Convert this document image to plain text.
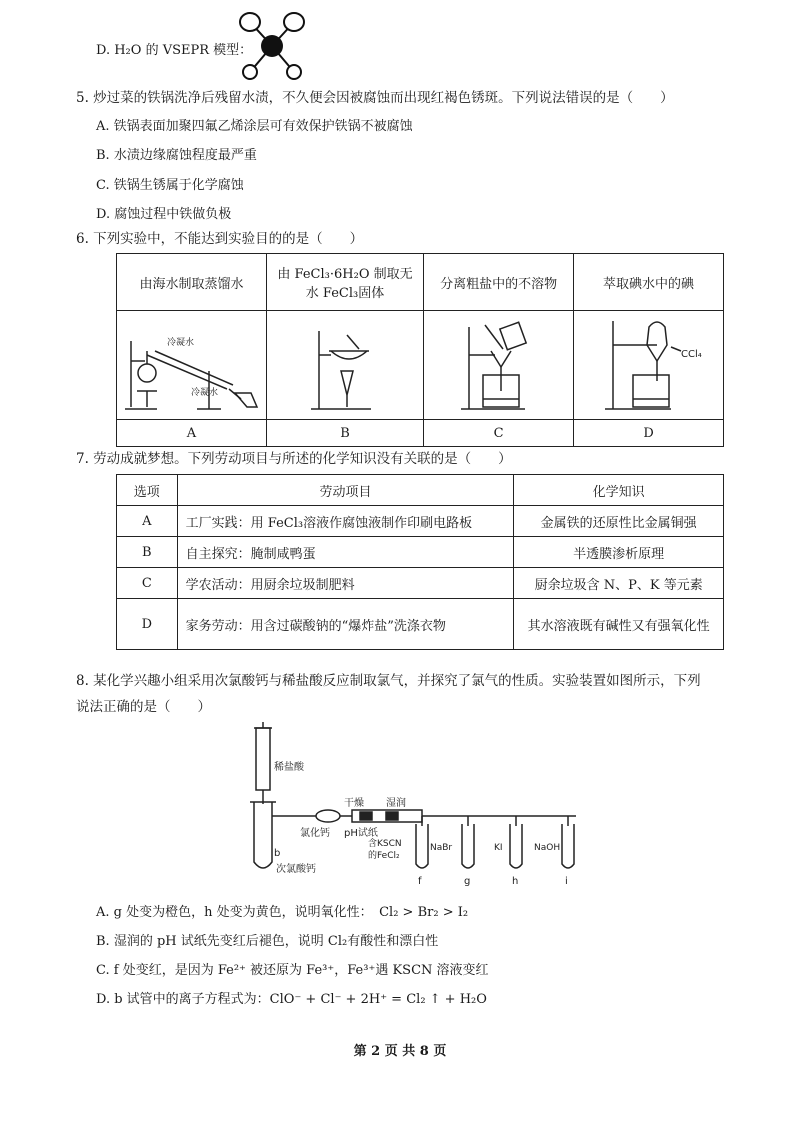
D. H₂O 的 VSEPR 模型：
5. 炒过菜的铁锅洗净后残留水渍，不久便会因被腐蚀而出现红褐色锈斑。下列说法错误的是（　　）
A. 铁锅表面加聚四氟乙烯涂层可有效保护铁锅不被腐蚀
B. 水渍边缘腐蚀程度最严重
C. 铁锅生锈属于化学腐蚀
D. 腐蚀过程中铁做负极
6. 下列实验中，不能达到实验目的的是（　　）
由海水制取蒸馏水	由 FeCl₃·6H₂O 制取无水 FeCl₃固体	分离粗盐中的不溶物	萃取碘水中的碘

冷凝水
冷凝水			CCl₄

A	B	C	D
7. 劳动成就梦想。下列劳动项目与所述的化学知识没有关联的是（　　）
选项	劳动项目	化学知识
A	工厂实践：用 FeCl₃溶液作腐蚀液制作印刷电路板	金属铁的还原性比金属铜强
B	自主探究：腌制咸鸭蛋	半透膜渗析原理
C	学农活动：用厨余垃圾制肥料	厨余垃圾含 N、P、K 等元素
D	家务劳动：用含过碳酸钠的“爆炸盐”洗涤衣物	其水溶液既有碱性又有强氧化性
8. 某化学兴趣小组采用次氯酸钙与稀盐酸反应制取氯气，并探究了氯气的性质。实验装置如图所示，下列
说法正确的是（　　）
稀盐酸
干燥 湿润
氯化钙 pH试纸
b
次氯酸钙
含KSCN
的FeCl₂
NaBr	KI	NaOH
f	g	h	i
A. g 处变为橙色，h 处变为黄色，说明氧化性：　Cl₂ > Br₂ > I₂
B. 湿润的 pH 试纸先变红后褪色，说明 Cl₂有酸性和漂白性
C. f 处变红，是因为 Fe²⁺ 被还原为 Fe³⁺，Fe³⁺遇 KSCN 溶液变红
D. b 试管中的离子方程式为：ClO⁻ + Cl⁻ + 2H⁺ = Cl₂ ↑ + H₂O
第 2 页 共 8 页
